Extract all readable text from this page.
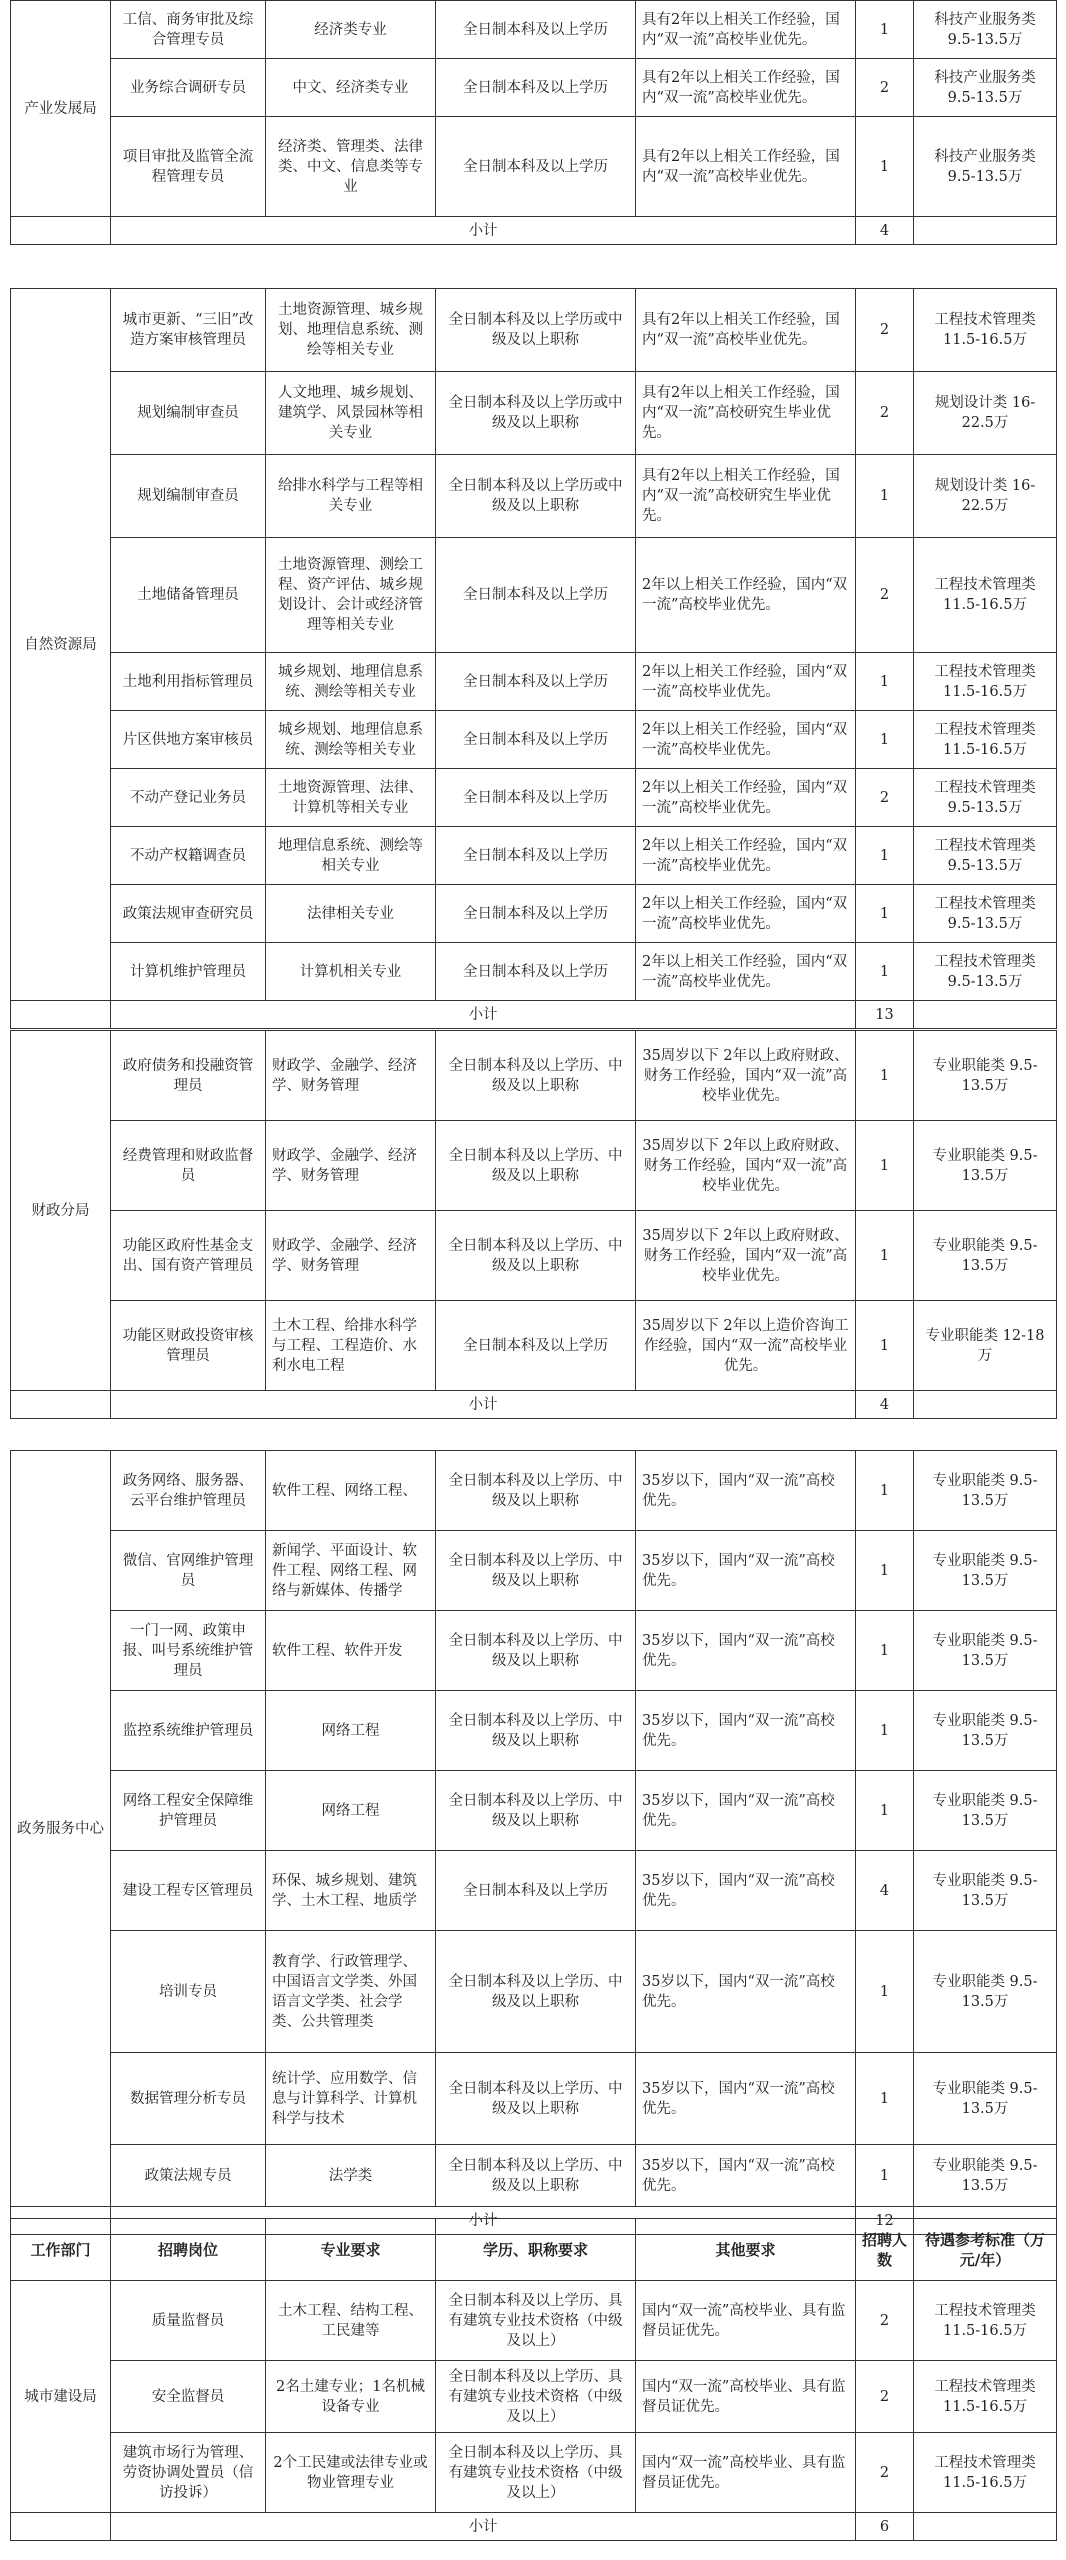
产业发展局	工信、商务审批及综合管理专员	经济类专业	全日制本科及以上学历	具有2年以上相关工作经验，国内“双一流”高校毕业优先。	1	科技产业服务类 9.5-13.5万
	业务综合调研专员	中文、经济类专业	全日制本科及以上学历	具有2年以上相关工作经验，国内“双一流”高校毕业优先。	2	科技产业服务类 9.5-13.5万
	项目审批及监管全流程管理专员	经济类、管理类、法律类、中文、信息类等专业	全日制本科及以上学历	具有2年以上相关工作经验，国内“双一流”高校毕业优先。	1	科技产业服务类 9.5-13.5万
	小计				4	
自然资源局	城市更新、“三旧”改造方案审核管理员	土地资源管理、城乡规划、地理信息系统、测绘等相关专业	全日制本科及以上学历或中级及以上职称	具有2年以上相关工作经验，国内“双一流”高校毕业优先。	2	工程技术管理类 11.5-16.5万
	规划编制审查员	人文地理、城乡规划、建筑学、风景园林等相关专业	全日制本科及以上学历或中级及以上职称	具有2年以上相关工作经验，国内“双一流”高校研究生毕业优先。	2	规划设计类 16-22.5万
	规划编制审查员	给排水科学与工程等相关专业	全日制本科及以上学历或中级及以上职称	具有2年以上相关工作经验，国内“双一流”高校研究生毕业优先。	1	规划设计类 16-22.5万
	土地储备管理员	土地资源管理、测绘工程、资产评估、城乡规划设计、会计或经济管理等相关专业	全日制本科及以上学历	2年以上相关工作经验，国内“双一流”高校毕业优先。	2	工程技术管理类 11.5-16.5万
	土地利用指标管理员	城乡规划、地理信息系统、测绘等相关专业	全日制本科及以上学历	2年以上相关工作经验，国内“双一流”高校毕业优先。	1	工程技术管理类 11.5-16.5万
	片区供地方案审核员	城乡规划、地理信息系统、测绘等相关专业	全日制本科及以上学历	2年以上相关工作经验，国内“双一流”高校毕业优先。	1	工程技术管理类 11.5-16.5万
	不动产登记业务员	土地资源管理、法律、计算机等相关专业	全日制本科及以上学历	2年以上相关工作经验，国内“双一流”高校毕业优先。	2	工程技术管理类 9.5-13.5万
	不动产权籍调查员	地理信息系统、测绘等相关专业	全日制本科及以上学历	2年以上相关工作经验，国内“双一流”高校毕业优先。	1	工程技术管理类 9.5-13.5万
	政策法规审查研究员	法律相关专业	全日制本科及以上学历	2年以上相关工作经验，国内“双一流”高校毕业优先。	1	工程技术管理类 9.5-13.5万
	计算机维护管理员	计算机相关专业	全日制本科及以上学历	2年以上相关工作经验，国内“双一流”高校毕业优先。	1	工程技术管理类 9.5-13.5万
	小计				13	
财政分局	政府债务和投融资管理员	财政学、金融学、经济学、财务管理	全日制本科及以上学历、中级及以上职称	35周岁以下 2年以上政府财政、财务工作经验，国内“双一流”高校毕业优先。	1	专业职能类 9.5-13.5万
	经费管理和财政监督员	财政学、金融学、经济学、财务管理	全日制本科及以上学历、中级及以上职称	35周岁以下 2年以上政府财政、财务工作经验，国内“双一流”高校毕业优先。	1	专业职能类 9.5-13.5万
	功能区政府性基金支出、国有资产管理员	财政学、金融学、经济学、财务管理	全日制本科及以上学历、中级及以上职称	35周岁以下 2年以上政府财政、财务工作经验，国内“双一流”高校毕业优先。	1	专业职能类 9.5-13.5万
	功能区财政投资审核管理员	土木工程、给排水科学与工程、工程造价、水利水电工程	全日制本科及以上学历	35周岁以下 2年以上造价咨询工作经验，国内“双一流”高校毕业优先。	1	专业职能类 12-18万
	小计				4	
政务服务中心	政务网络、服务器、云平台维护管理员	软件工程、网络工程、	全日制本科及以上学历、中级及以上职称	35岁以下，国内“双一流”高校优先。	1	专业职能类 9.5-13.5万
	微信、官网维护管理员	新闻学、平面设计、软件工程、网络工程、网络与新媒体、传播学	全日制本科及以上学历、中级及以上职称	35岁以下，国内“双一流”高校优先。	1	专业职能类 9.5-13.5万
	一门一网、政策申报、叫号系统维护管理员	软件工程、软件开发	全日制本科及以上学历、中级及以上职称	35岁以下，国内“双一流”高校优先。	1	专业职能类 9.5-13.5万
	监控系统维护管理员	网络工程	全日制本科及以上学历、中级及以上职称	35岁以下，国内“双一流”高校优先。	1	专业职能类 9.5-13.5万
	网络工程安全保障维护管理员	网络工程	全日制本科及以上学历、中级及以上职称	35岁以下，国内“双一流”高校优先。	1	专业职能类 9.5-13.5万
	建设工程专区管理员	环保、城乡规划、建筑学、土木工程、地质学	全日制本科及以上学历	35岁以下，国内“双一流”高校优先。	4	专业职能类 9.5-13.5万
	培训专员	教育学、行政管理学、中国语言文学类、外国语言文学类、社会学类、公共管理类	全日制本科及以上学历、中级及以上职称	35岁以下，国内“双一流”高校优先。	1	专业职能类 9.5-13.5万
	数据管理分析专员	统计学、应用数学、信息与计算科学、计算机科学与技术	全日制本科及以上学历、中级及以上职称	35岁以下，国内“双一流”高校优先。	1	专业职能类 9.5-13.5万
	政策法规专员	法学类	全日制本科及以上学历、中级及以上职称	35岁以下，国内“双一流”高校优先。	1	专业职能类 9.5-13.5万
	小计				12	
工作部门	招聘岗位	专业要求	学历、职称要求	其他要求	招聘人数	待遇参考标准（万元/年）
城市建设局	质量监督员	土木工程、结构工程、工民建等	全日制本科及以上学历、具有建筑专业技术资格（中级及以上）	国内“双一流”高校毕业、具有监督员证优先。	2	工程技术管理类 11.5-16.5万
	安全监督员	2名土建专业；1名机械设备专业	全日制本科及以上学历、具有建筑专业技术资格（中级及以上）	国内“双一流”高校毕业、具有监督员证优先。	2	工程技术管理类 11.5-16.5万
	建筑市场行为管理、劳资协调处置员（信访投诉）	2个工民建或法律专业或物业管理专业	全日制本科及以上学历、具有建筑专业技术资格（中级及以上）	国内“双一流”高校毕业、具有监督员证优先。	2	工程技术管理类 11.5-16.5万
	小计				6	
